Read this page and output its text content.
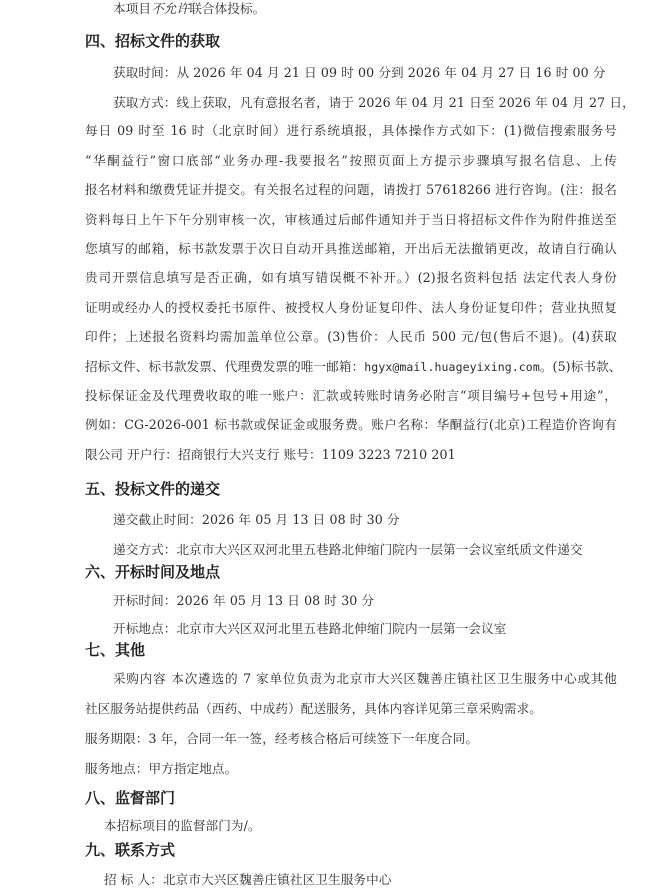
本项目不允许联合体投标。
四、招标文件的获取
获取时间：从 2026 年 04 月 21 日 09 时 00 分到 2026 年 04 月 27 日 16 时 00 分
获取方式：线上获取，凡有意报名者，请于 2026 年 04 月 21 日至 2026 年 04 月 27 日，
每日 09 时至 16 时（北京时间）进行系统填报，具体操作方式如下：(1)微信搜索服务号
“华酮益行”窗口底部“业务办理-我要报名”按照页面上方提示步骤填写报名信息、上传
报名材料和缴费凭证并提交。有关报名过程的问题，请拨打 57618266 进行咨询。(注：报名
资料每日上午下午分别审核一次，审核通过后邮件通知并于当日将招标文件作为附件推送至
您填写的邮箱，标书款发票于次日自动开具推送邮箱，开出后无法撤销更改，故请自行确认
贵司开票信息填写是否正确，如有填写错误概不补开。）(2)报名资料包括 法定代表人身份
证明或经办人的授权委托书原件、被授权人身份证复印件、法人身份证复印件；营业执照复
印件；上述报名资料均需加盖单位公章。(3)售价：人民币 500 元/包(售后不退)。(4)获取
招标文件、标书款发票、代理费发票的唯一邮箱：hgyx@mail.huageyixing.com。(5)标书款、
投标保证金及代理费收取的唯一账户：汇款或转账时请务必附言“项目编号+包号+用途”，
例如：CG-2026-001 标书款或保证金或服务费。账户名称：华酮益行(北京)工程造价咨询有
限公司 开户行：招商银行大兴支行 账号：1109 3223 7210 201
五、投标文件的递交
递交截止时间：2026 年 05 月 13 日 08 时 30 分
递交方式：北京市大兴区双河北里五巷路北伸缩门院内一层第一会议室纸质文件递交
六、开标时间及地点
开标时间：2026 年 05 月 13 日 08 时 30 分
开标地点：北京市大兴区双河北里五巷路北伸缩门院内一层第一会议室
七、其他
采购内容 本次遴选的 7 家单位负责为北京市大兴区魏善庄镇社区卫生服务中心或其他
社区服务站提供药品（西药、中成药）配送服务，具体内容详见第三章采购需求。
服务期限：3 年，合同一年一签，经考核合格后可续签下一年度合同。
服务地点：甲方指定地点。
八、监督部门
本招标项目的监督部门为/。
九、联系方式
招 标 人：北京市大兴区魏善庄镇社区卫生服务中心
